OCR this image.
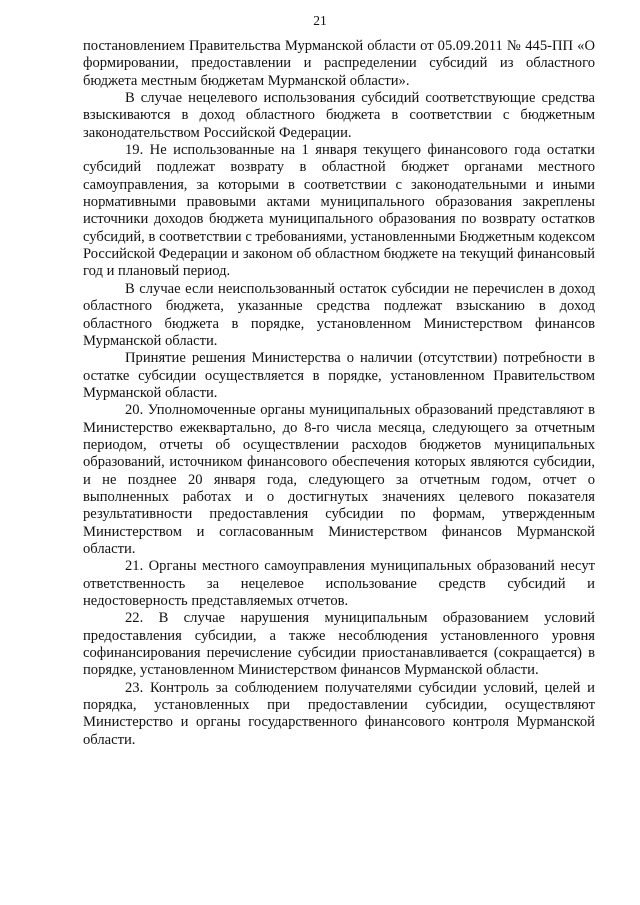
21

постановлением Правительства Мурманской области от 05.09.2011 № 445-ПП «О формировании, предоставлении и распределении субсидий из областного бюджета местным бюджетам Мурманской области».

В случае нецелевого использования субсидий соответствующие средства взыскиваются в доход областного бюджета в соответствии с бюджетным законодательством Российской Федерации.

19. Не использованные на 1 января текущего финансового года остатки субсидий подлежат возврату в областной бюджет органами местного самоуправления, за которыми в соответствии с законодательными и иными нормативными правовыми актами муниципального образования закреплены источники доходов бюджета муниципального образования по возврату остатков субсидий, в соответствии с требованиями, установленными Бюджетным кодексом Российской Федерации и законом об областном бюджете на текущий финансовый год и плановый период.

В случае если неиспользованный остаток субсидии не перечислен в доход областного бюджета, указанные средства подлежат взысканию в доход областного бюджета в порядке, установленном Министерством финансов Мурманской области.

Принятие решения Министерства о наличии (отсутствии) потребности в остатке субсидии осуществляется в порядке, установленном Правительством Мурманской области.

20. Уполномоченные органы муниципальных образований представляют в Министерство ежеквартально, до 8-го числа месяца, следующего за отчетным периодом, отчеты об осуществлении расходов бюджетов муниципальных образований, источником финансового обеспечения которых являются субсидии, и не позднее 20 января года, следующего за отчетным годом, отчет о выполненных работах и о достигнутых значениях целевого показателя результативности предоставления субсидии по формам, утвержденным Министерством и согласованным Министерством финансов Мурманской области.

21. Органы местного самоуправления муниципальных образований несут ответственность за нецелевое использование средств субсидий и недостоверность представляемых отчетов.

22. В случае нарушения муниципальным образованием условий предоставления субсидии, а также несоблюдения установленного уровня софинансирования перечисление субсидии приостанавливается (сокращается) в порядке, установленном Министерством финансов Мурманской области.

23. Контроль за соблюдением получателями субсидии условий, целей и порядка, установленных при предоставлении субсидии, осуществляют Министерство и органы государственного финансового контроля Мурманской области.
